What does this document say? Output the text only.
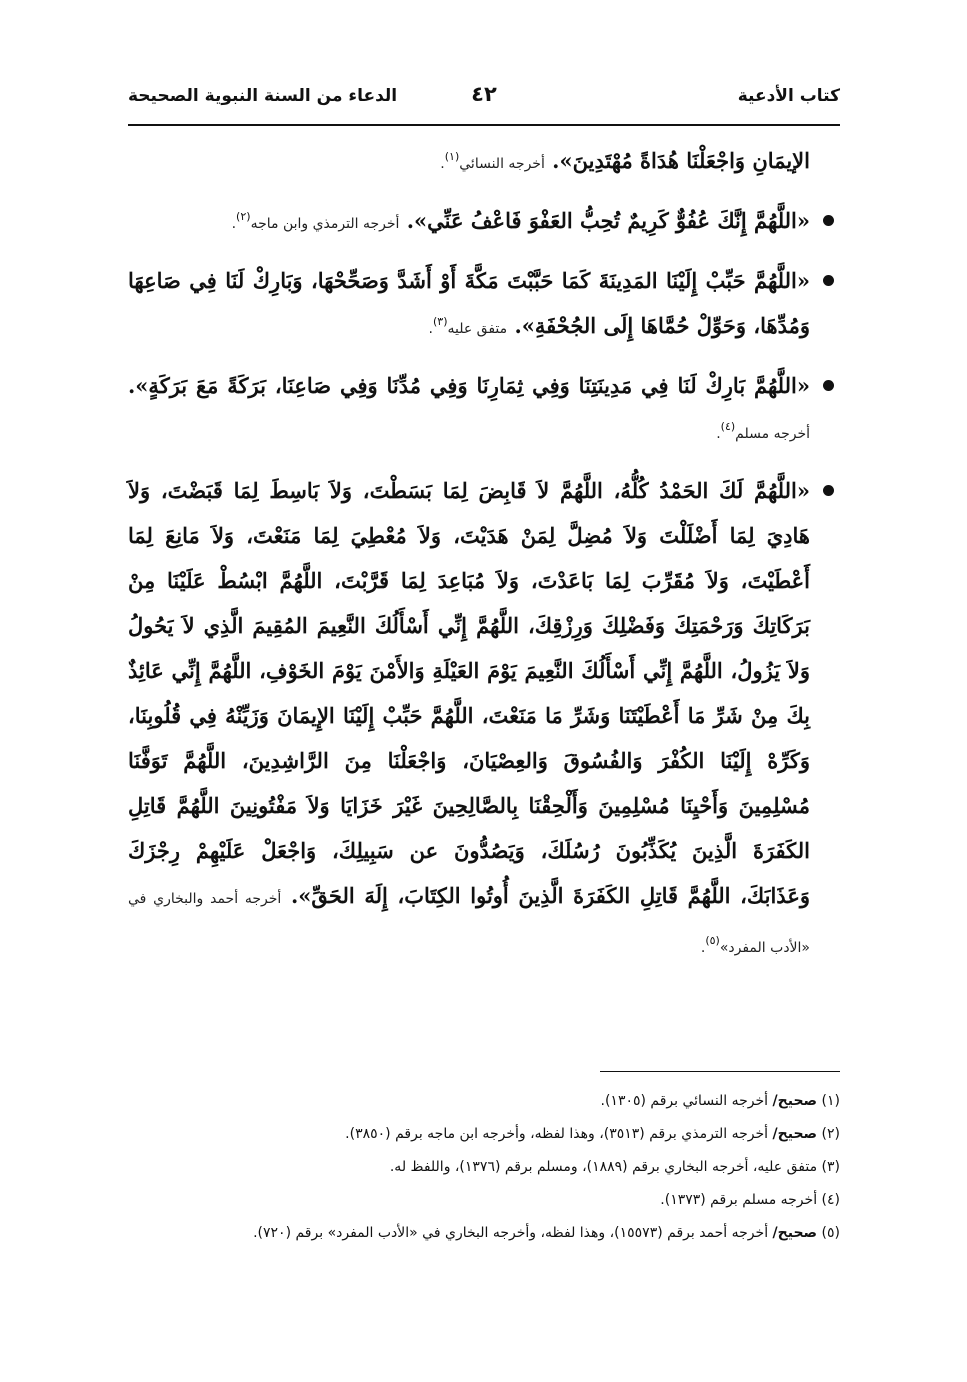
كتاب الأدعية
٤٢
الدعاء من السنة النبوية الصحيحة

الإيمَانِ وَاجْعَلْنَا هُدَاةً مُهْتَدِينَ». أخرجه النسائي$^{(١)}$.

«اللَّهُمَّ إِنَّكَ عُفُوٌّ كَرِيمٌ تُحِبُّ العَفْوَ فَاعْفُ عَنِّي». أخرجه الترمذي وابن ماجه$^{(٢)}$.

«اللَّهُمَّ حَبِّبْ إِلَيْنَا المَدِينَةَ كَمَا حَبَّبْتَ مَكَّةَ أَوْ أَشَدَّ وَصَحِّحْهَا، وَبَارِكْ لَنَا فِي صَاعِهَا وَمُدِّهَا، وَحَوِّلْ حُمَّاهَا إِلَى الجُحْفَةِ». متفق عليه$^{(٣)}$.

«اللَّهُمَّ بَارِكْ لَنَا فِي مَدِينَتِنَا وَفِي ثِمَارِنَا وَفِي مُدِّنَا وَفِي صَاعِنَا، بَرَكَةً مَعَ بَرَكَةٍ». أخرجه مسلم$^{(٤)}$.

«اللَّهُمَّ لَكَ الحَمْدُ كُلُّهُ، اللَّهُمَّ لاَ قَابِضَ لِمَا بَسَطْتَ، وَلاَ بَاسِطَ لِمَا قَبَضْتَ، وَلاَ هَادِيَ لِمَا أَضْلَلْتَ وَلاَ مُضِلَّ لِمَنْ هَدَيْتَ، وَلاَ مُعْطِيَ لِمَا مَنَعْتَ، وَلاَ مَانِعَ لِمَا أَعْطَيْتَ، وَلاَ مُقَرِّبَ لِمَا بَاعَدْتَ، وَلاَ مُبَاعِدَ لِمَا قَرَّبْتَ، اللَّهُمَّ ابْسُطْ عَلَيْنَا مِنْ بَرَكَاتِكَ وَرَحْمَتِكَ وَفَضْلِكَ وَرِزْقِكَ، اللَّهُمَّ إِنِّي أَسْأَلُكَ النَّعِيمَ المُقِيمَ الَّذِي لاَ يَحُولُ وَلاَ يَزُولُ، اللَّهُمَّ إِنِّي أَسْأَلُكَ النَّعِيمَ يَوْمَ العَيْلَةِ وَالأَمْنَ يَوْمَ الخَوْفِ، اللَّهُمَّ إِنِّي عَائِذٌ بِكَ مِنْ شَرِّ مَا أَعْطَيْتَنَا وَشَرِّ مَا مَنَعْتَ، اللَّهُمَّ حَبِّبْ إِلَيْنَا الإِيمَانَ وَزَيِّنْهُ فِي قُلُوبِنَا، وَكَرِّهْ إِلَيْنَا الكُفْرَ وَالفُسُوقَ وَالعِصْيَانَ، وَاجْعَلْنَا مِنَ الرَّاشِدِينَ، اللَّهُمَّ تَوَفَّنَا مُسْلِمِينَ وَأَحْيِنَا مُسْلِمِينَ وَأَلْحِقْنَا بِالصَّالِحِينَ غَيْرَ خَزَايَا وَلاَ مَفْتُونِينَ اللَّهُمَّ قَاتِلِ الكَفَرَةَ الَّذِينَ يُكَذِّبُونَ رُسُلَكَ، وَيَصُدُّونَ عن سَبِيلِكَ، وَاجْعَلْ عَلَيْهِمْ رِجْزَكَ وَعَذَابَكَ، اللَّهُمَّ قَاتِلِ الكَفَرَةَ الَّذِينَ أُوتُوا الكِتَابَ، إِلَهَ الحَقِّ». أخرجه أحمد والبخاري في «الأدب المفرد»$^{(٥)}$.

(١) صحيح/ أخرجه النسائي برقم (١٣٠٥).

(٢) صحيح/ أخرجه الترمذي برقم (٣٥١٣)، وهذا لفظه، وأخرجه ابن ماجه برقم (٣٨٥٠).

(٣) متفق عليه، أخرجه البخاري برقم (١٨٨٩)، ومسلم برقم (١٣٧٦)، واللفظ له.

(٤) أخرجه مسلم برقم (١٣٧٣).

(٥) صحيح/ أخرجه أحمد برقم (١٥٥٧٣)، وهذا لفظه، وأخرجه البخاري في «الأدب المفرد» برقم (٧٢٠).
